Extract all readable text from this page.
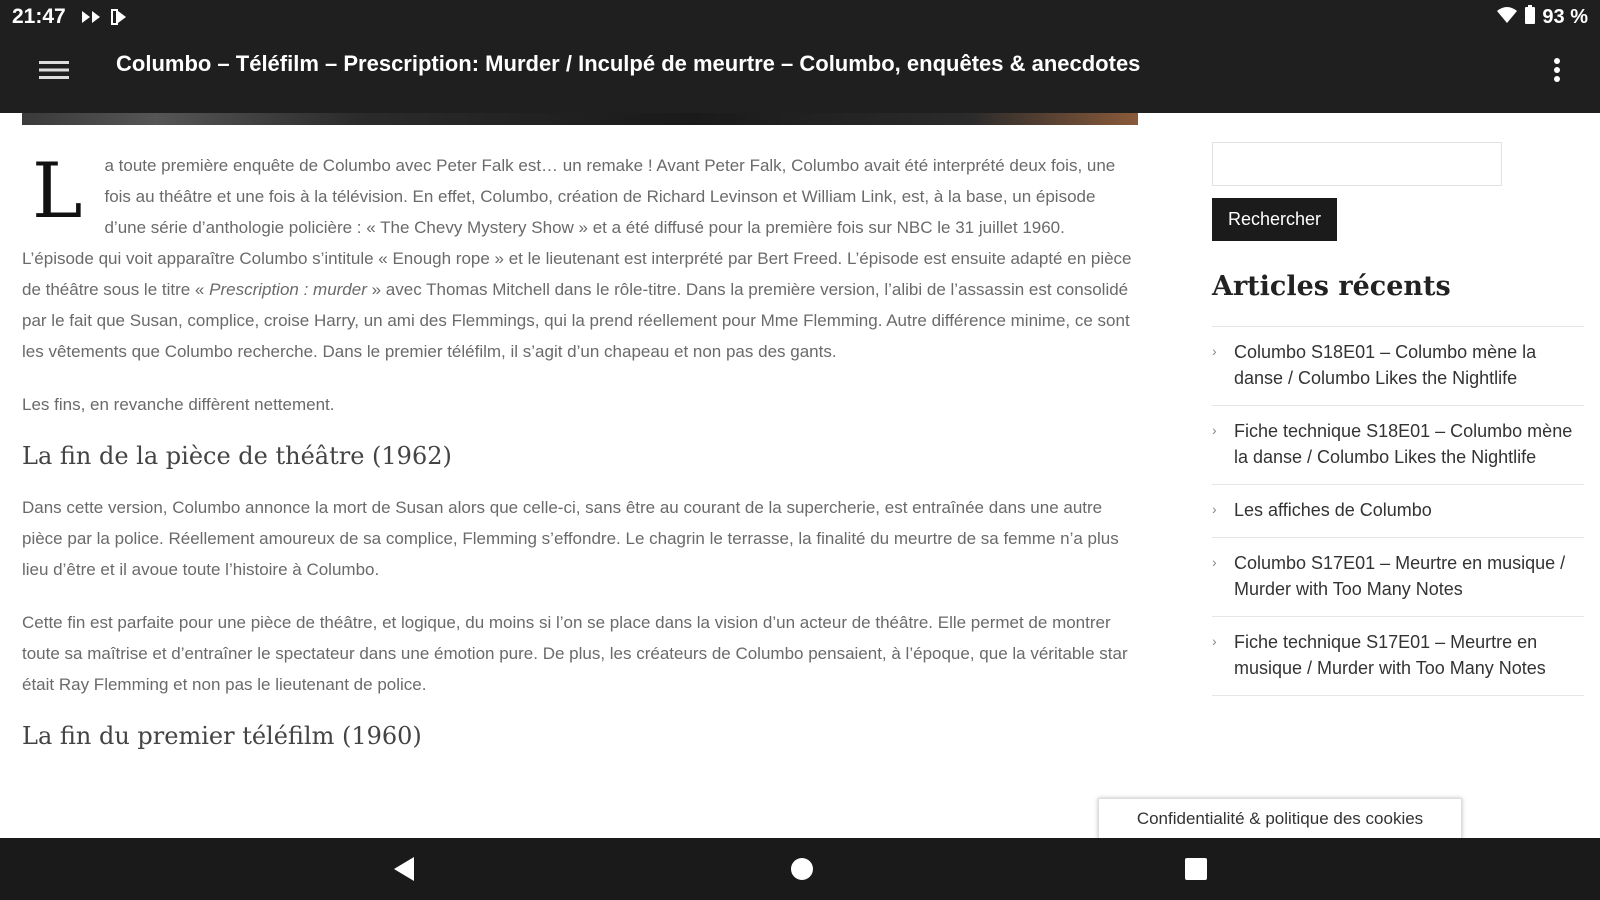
21:47	93 %
Columbo – Téléfilm – Prescription: Murder / Inculpé de meurtre – Columbo, enquêtes & anecdotes

L a toute première enquête de Columbo avec Peter Falk est… un remake ! Avant Peter Falk, Columbo avait été interprété deux fois, une fois au théâtre et une fois à la télévision. En effet, Columbo, création de Richard Levinson et William Link, est, à la base, un épisode d’une série d’anthologie policière : « The Chevy Mystery Show » et a été diffusé pour la première fois sur NBC le 31 juillet 1960. L’épisode qui voit apparaître Columbo s’intitule « Enough rope » et le lieutenant est interprété par Bert Freed. L’épisode est ensuite adapté en pièce de théâtre sous le titre « Prescription : murder » avec Thomas Mitchell dans le rôle-titre. Dans la première version, l’alibi de l’assassin est consolidé par le fait que Susan, complice, croise Harry, un ami des Flemmings, qui la prend réellement pour Mme Flemming. Autre différence minime, ce sont les vêtements que Columbo recherche. Dans le premier téléfilm, il s’agit d’un chapeau et non pas des gants.

Les fins, en revanche diffèrent nettement.

La fin de la pièce de théâtre (1962)

Dans cette version, Columbo annonce la mort de Susan alors que celle-ci, sans être au courant de la supercherie, est entraînée dans une autre pièce par la police. Réellement amoureux de sa complice, Flemming s’effondre. Le chagrin le terrasse, la finalité du meurtre de sa femme n’a plus lieu d’être et il avoue toute l’histoire à Columbo.

Cette fin est parfaite pour une pièce de théâtre, et logique, du moins si l’on se place dans la vision d’un acteur de théâtre. Elle permet de montrer toute sa maîtrise et d’entraîner le spectateur dans une émotion pure. De plus, les créateurs de Columbo pensaient, à l’époque, que la véritable star était Ray Flemming et non pas le lieutenant de police.

La fin du premier téléfilm (1960)
Rechercher
Articles récents
› Columbo S18E01 – Columbo mène la danse / Columbo Likes the Nightlife
› Fiche technique S18E01 – Columbo mène la danse / Columbo Likes the Nightlife
› Les affiches de Columbo
› Columbo S17E01 – Meurtre en musique / Murder with Too Many Notes
› Fiche technique S17E01 – Meurtre en musique / Murder with Too Many Notes
Confidentialité & politique des cookies
